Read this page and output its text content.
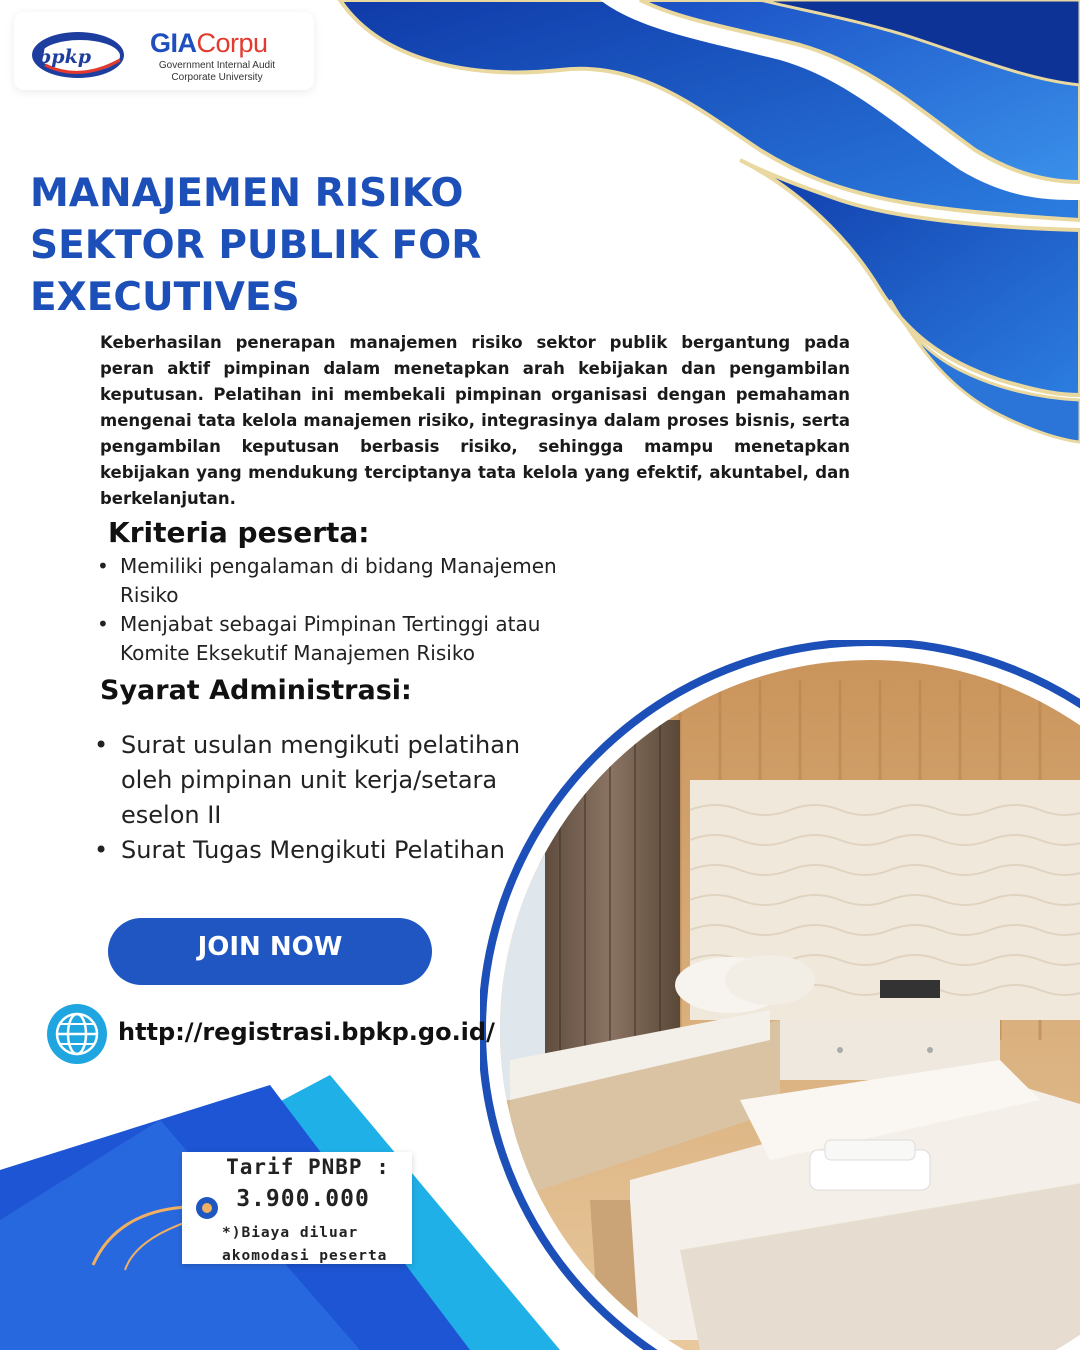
bpkp GIACorpu
Government Internal Audit
Corporate University
MANAJEMEN RISIKO
SEKTOR PUBLIK FOR
EXECUTIVES
Keberhasilan penerapan manajemen risiko sektor publik bergantung pada peran aktif pimpinan dalam menetapkan arah kebijakan dan pengambilan keputusan. Pelatihan ini membekali pimpinan organisasi dengan pemahaman mengenai tata kelola manajemen risiko, integrasinya dalam proses bisnis, serta pengambilan keputusan berbasis risiko, sehingga mampu menetapkan kebijakan yang mendukung terciptanya tata kelola yang efektif, akuntabel, dan berkelanjutan.
Kriteria peserta:
• Memiliki pengalaman di bidang Manajemen Risiko
• Menjabat sebagai Pimpinan Tertinggi atau Komite Eksekutif Manajemen Risiko
Syarat Administrasi:
• Surat usulan mengikuti pelatihan oleh pimpinan unit kerja/setara eselon II
• Surat Tugas Mengikuti Pelatihan
JOIN NOW
http://registrasi.bpkp.go.id/
Tarif PNBP :
3.900.000
*)Biaya diluar
akomodasi peserta
